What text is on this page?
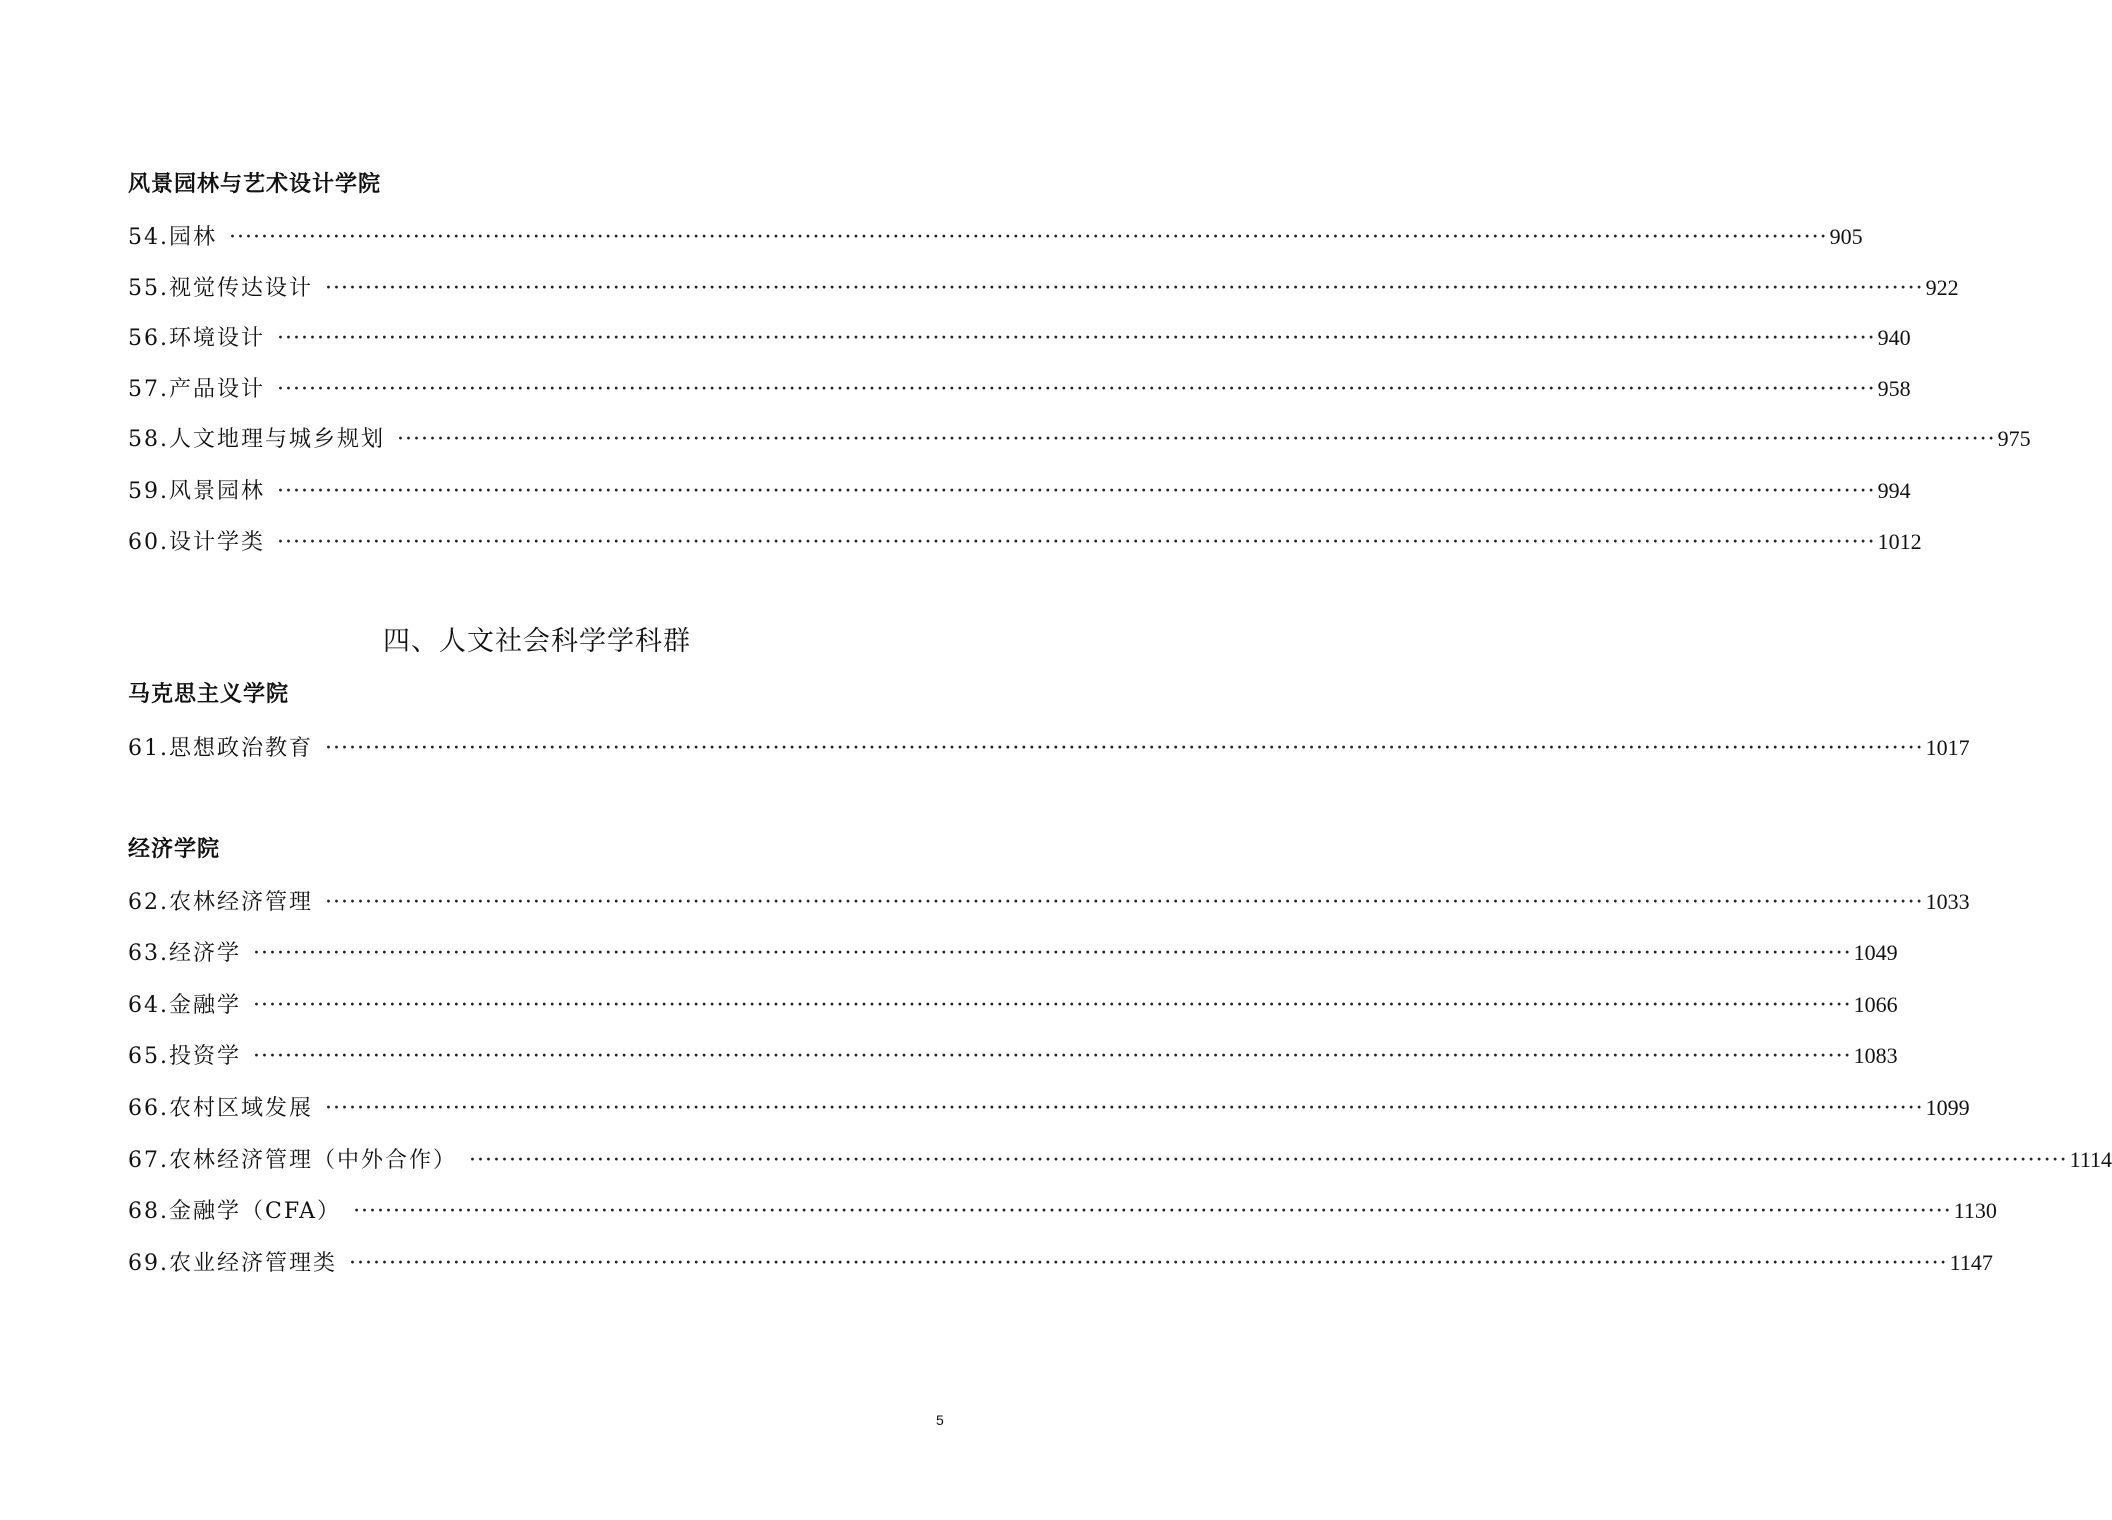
风景园林与艺术设计学院
54.园林 ········································································································································································································ 905
55.视觉传达设计 ········································································································································································································ 922
56.环境设计 ········································································································································································································ 940
57.产品设计 ········································································································································································································ 958
58.人文地理与城乡规划 ········································································································································································································ 975
59.风景园林 ········································································································································································································ 994
60.设计学类 ········································································································································································································ 1012
四、人文社会科学学科群
马克思主义学院
61.思想政治教育 ········································································································································································································ 1017
经济学院
62.农林经济管理 ········································································································································································································ 1033
63.经济学 ········································································································································································································ 1049
64.金融学 ········································································································································································································ 1066
65.投资学 ········································································································································································································ 1083
66.农村区域发展 ········································································································································································································ 1099
67.农林经济管理（中外合作） ········································································································································································································ 1114
68.金融学（CFA） ········································································································································································································ 1130
69.农业经济管理类 ········································································································································································································ 1147
5
